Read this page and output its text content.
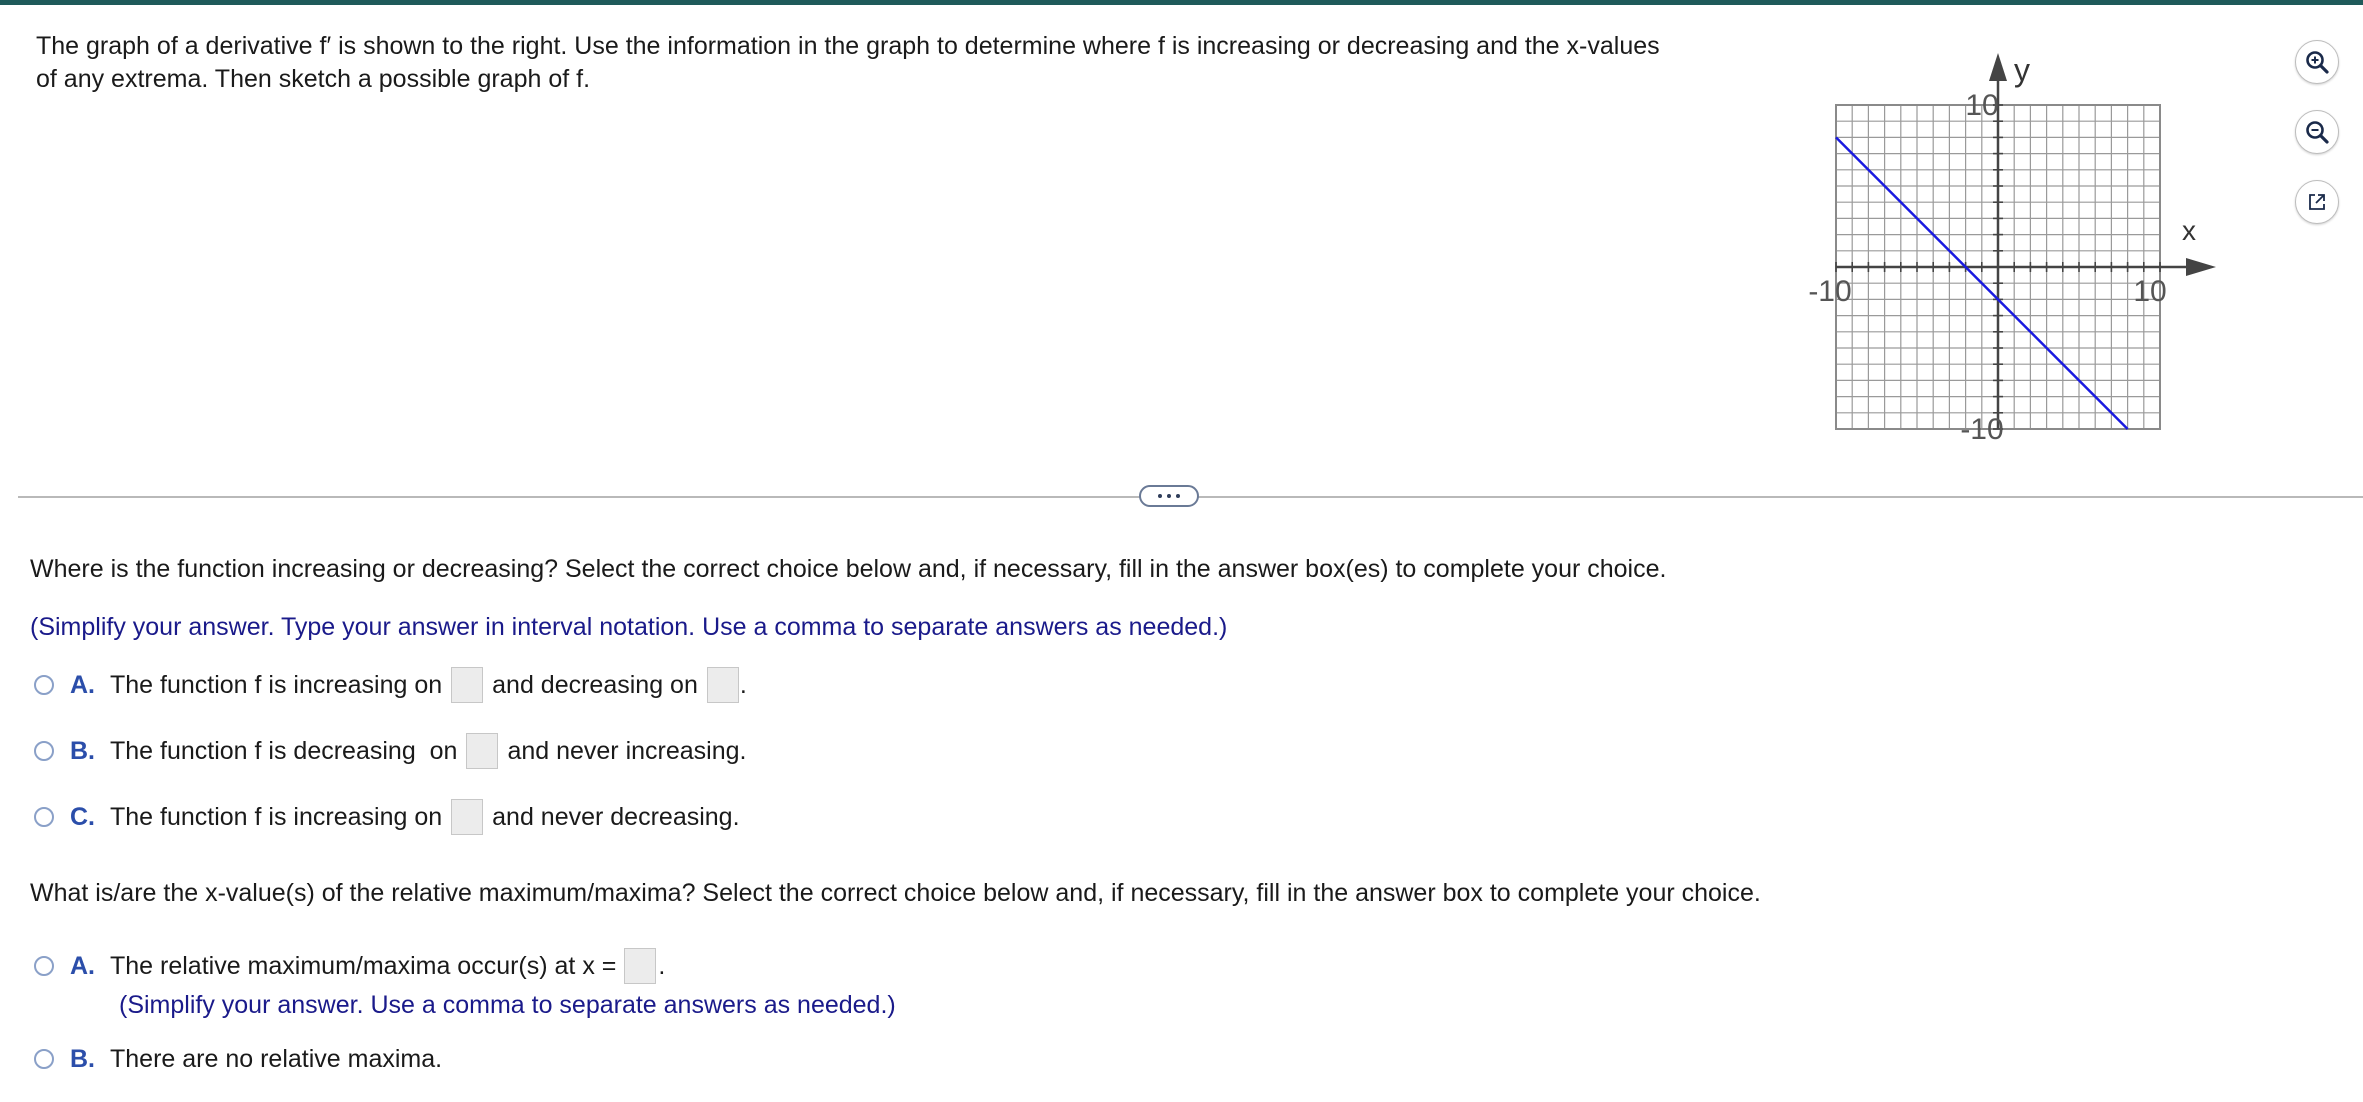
The graph of a derivative f′ is shown to the right. Use the information in the graph to determine where f is increasing or decreasing and the x-values
of any extrema. Then sketch a possible graph of f.	y
x
10
-10
-10	10
Where is the function increasing or decreasing? Select the correct choice below and, if necessary, fill in the answer box(es) to complete your choice.
(Simplify your answer. Type your answer in interval notation. Use a comma to separate answers as needed.)
A. The function f is increasing on and decreasing on .
B. The function f is decreasing  on and never increasing.
C. The function f is increasing on and never decreasing.
What is/are the x-value(s) of the relative maximum/maxima? Select the correct choice below and, if necessary, fill in the answer box to complete your choice.
A. The relative maximum/maxima occur(s) at x = .
(Simplify your answer. Use a comma to separate answers as needed.)
B. There are no relative maxima.
